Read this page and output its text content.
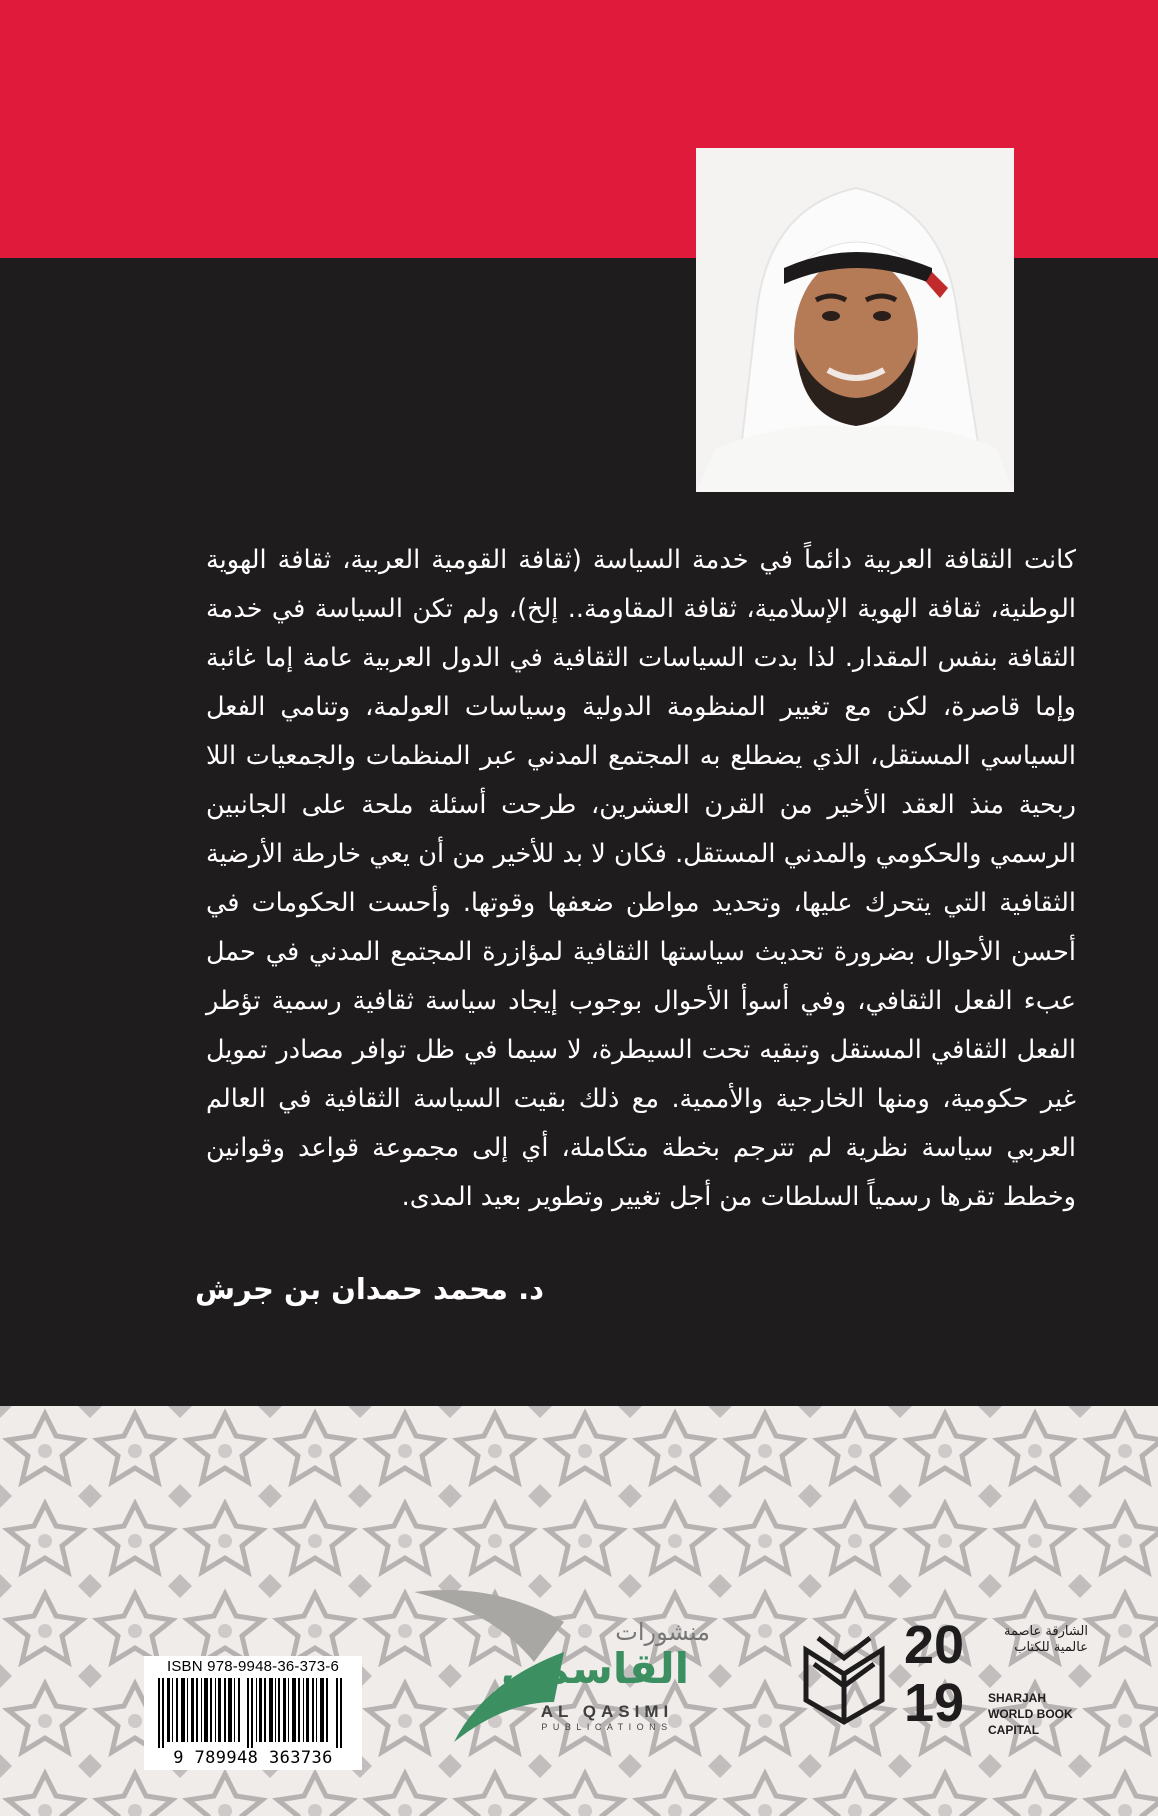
كانت الثقافة العربية دائماً في خدمة السياسة (ثقافة القومية العربية، ثقافة الهوية الوطنية، ثقافة الهوية الإسلامية، ثقافة المقاومة.. إلخ)، ولم تكن السياسة في خدمة الثقافة بنفس المقدار. لذا بدت السياسات الثقافية في الدول العربية عامة إما غائبة وإما قاصرة، لكن مع تغيير المنظومة الدولية وسياسات العولمة، وتنامي الفعل السياسي المستقل، الذي يضطلع به المجتمع المدني عبر المنظمات والجمعيات اللا ربحية منذ العقد الأخير من القرن العشرين، طرحت أسئلة ملحة على الجانبين الرسمي والحكومي والمدني المستقل. فكان لا بد للأخير من أن يعي خارطة الأرضية الثقافية التي يتحرك عليها، وتحديد مواطن ضعفها وقوتها. وأحست الحكومات في أحسن الأحوال بضرورة تحديث سياستها الثقافية لمؤازرة المجتمع المدني في حمل عبء الفعل الثقافي، وفي أسوأ الأحوال بوجوب إيجاد سياسة ثقافية رسمية تؤطر الفعل الثقافي المستقل وتبقيه تحت السيطرة، لا سيما في ظل توافر مصادر تمويل غير حكومية، ومنها الخارجية والأممية. مع ذلك بقيت السياسة الثقافية في العالم العربي سياسة نظرية لم تترجم بخطة متكاملة، أي إلى مجموعة قواعد وقوانين وخطط تقرها رسمياً السلطات من أجل تغيير وتطوير بعيد المدى.

د. محمد حمدان بن جرش
ISBN 978-9948-36-373-6
9 789948 363736
منشورات
القاسمي
AL QASIMI
PUBLICATIONS
20
19
الشارقة عاصمة عالمية للكتاب
SHARJAH
WORLD BOOK
CAPITAL
